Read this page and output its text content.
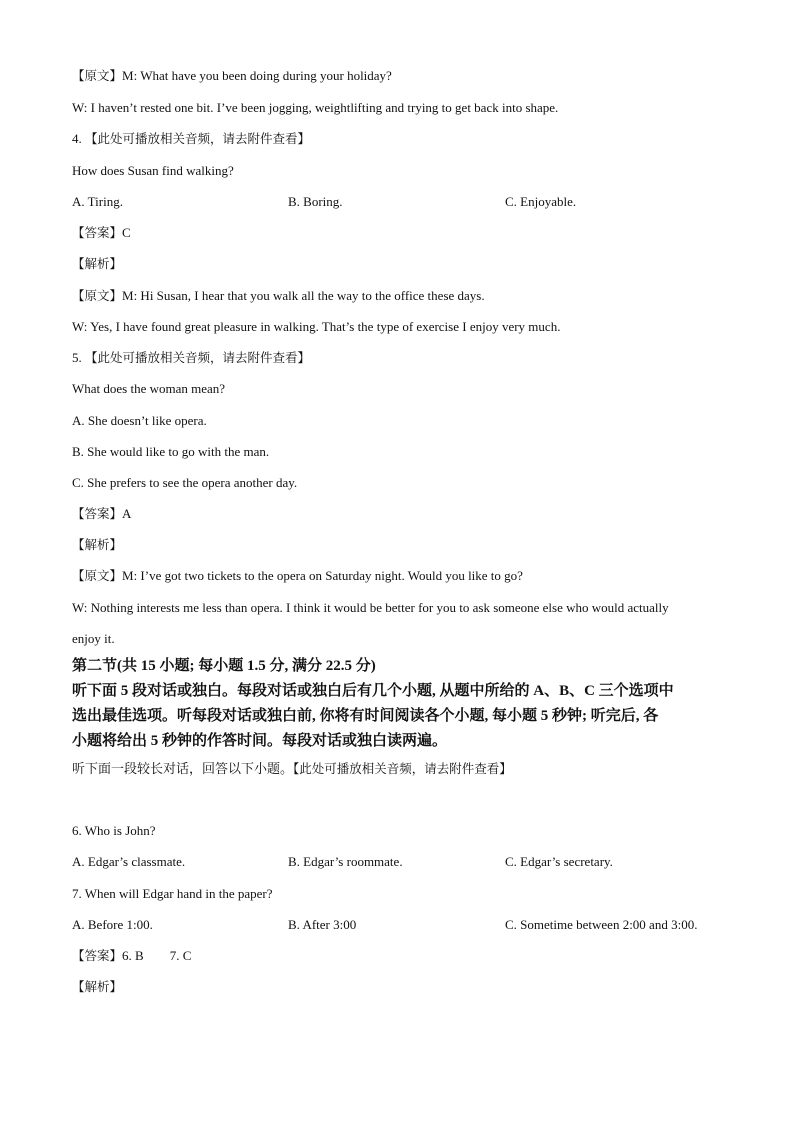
【原文】M: What have you been doing during your holiday?
W: I haven’t rested one bit. I’ve been jogging, weightlifting and trying to get back into shape.
4. 【此处可播放相关音频，请去附件查看】
How does Susan find walking?
A. Tiring.	B. Boring.	C. Enjoyable.
【答案】C
【解析】
【原文】M: Hi Susan, I hear that you walk all the way to the office these days.
W: Yes, I have found great pleasure in walking. That’s the type of exercise I enjoy very much.
5. 【此处可播放相关音频，请去附件查看】
What does the woman mean?
A. She doesn’t like opera.
B. She would like to go with the man.
C. She prefers to see the opera another day.
【答案】A
【解析】
【原文】M: I’ve got two tickets to the opera on Saturday night. Would you like to go?
W: Nothing interests me less than opera. I think it would be better for you to ask someone else who would actually
enjoy it.
第二节(共 15 小题; 每小题 1.5 分, 满分 22.5 分)
听下面 5 段对话或独白。每段对话或独白后有几个小题, 从题中所给的 A、B、C 三个选项中
选出最佳选项。听每段对话或独白前, 你将有时间阅读各个小题, 每小题 5 秒钟; 听完后, 各
小题将给出 5 秒钟的作答时间。每段对话或独白读两遍。
听下面一段较长对话，回答以下小题。【此处可播放相关音频，请去附件查看】
6. Who is John?
A. Edgar’s classmate.	B. Edgar’s roommate.	C. Edgar’s secretary.
7. When will Edgar hand in the paper?
A. Before 1:00.	B. After 3:00	C. Sometime between 2:00 and 3:00.
【答案】6. B 7. C
【解析】
